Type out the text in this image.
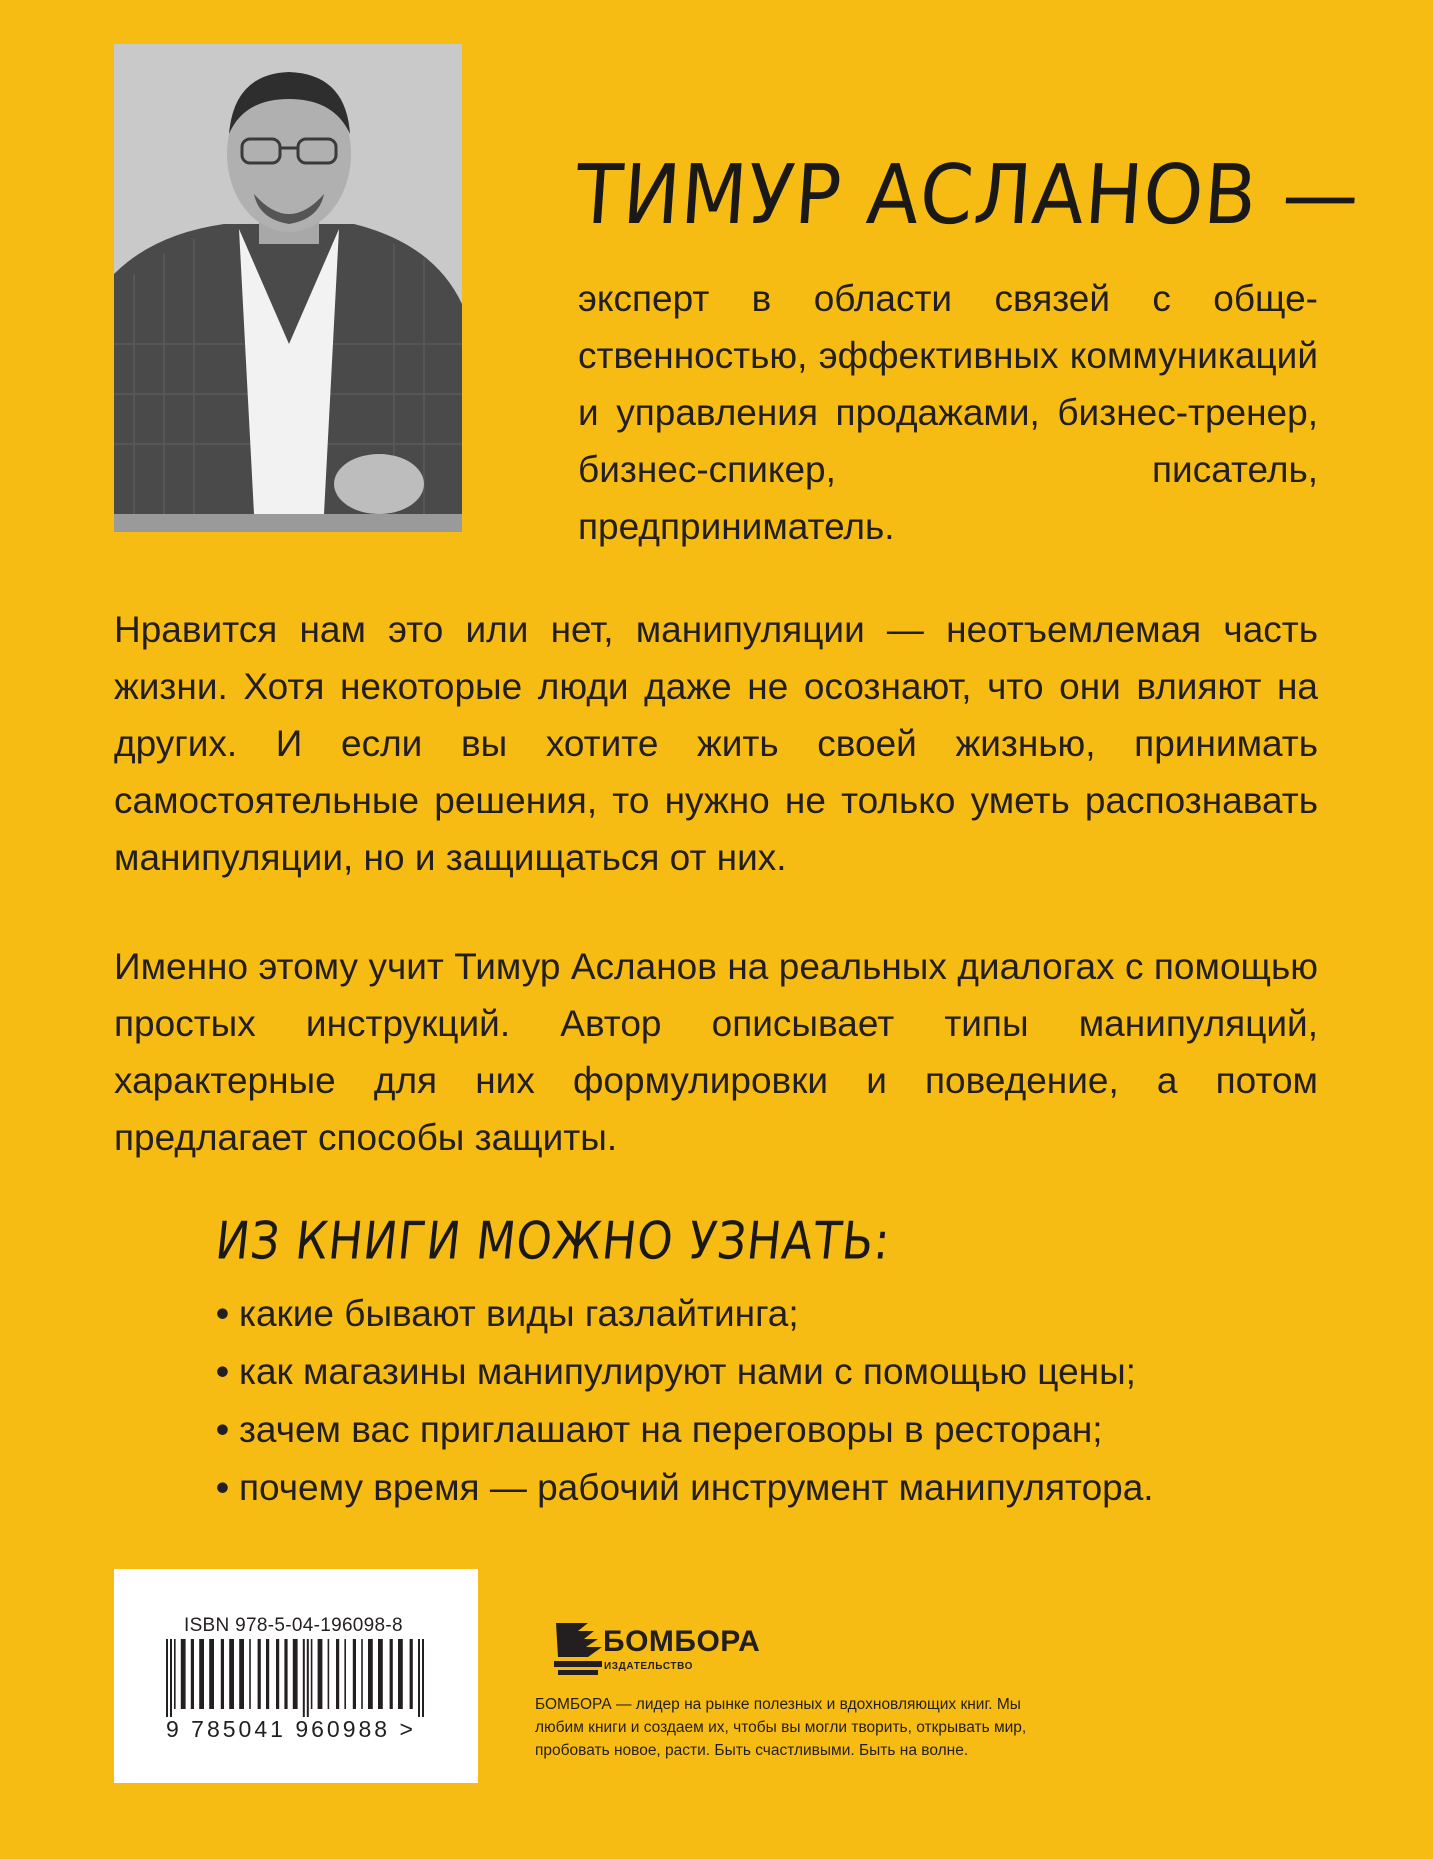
ТИМУР АСЛАНОВ —

эксперт в области связей с общественностью, эффективных коммуникаций и управления продажами, бизнес-тренер, бизнес-спикер, писатель, предприниматель.

Нравится нам это или нет, манипуляции — неотъемлемая часть жизни. Хотя некоторые люди даже не осознают, что они влияют на других. И если вы хотите жить своей жизнью, принимать самостоятельные решения, то нужно не только уметь распознавать манипуляции, но и защищаться от них.

Именно этому учит Тимур Асланов на реальных диалогах с помощью простых инструкций. Автор описывает типы манипуляций, характерные для них формулировки и поведение, а потом предлагает способы защиты.

ИЗ КНИГИ МОЖНО УЗНАТЬ:
• какие бывают виды газлайтинга;
• как магазины манипулируют нами с помощью цены;
• зачем вас приглашают на переговоры в ресторан;
• почему время — рабочий инструмент манипулятора.
ISBN 978-5-04-196098-8
9 785041 960988 >
БОМБОРА
ИЗДАТЕЛЬСТВО

БОМБОРА — лидер на рынке полезных и вдохновляющих книг. Мы любим книги и создаем их, чтобы вы могли творить, открывать мир, пробовать новое, расти. Быть счастливыми. Быть на волне.
